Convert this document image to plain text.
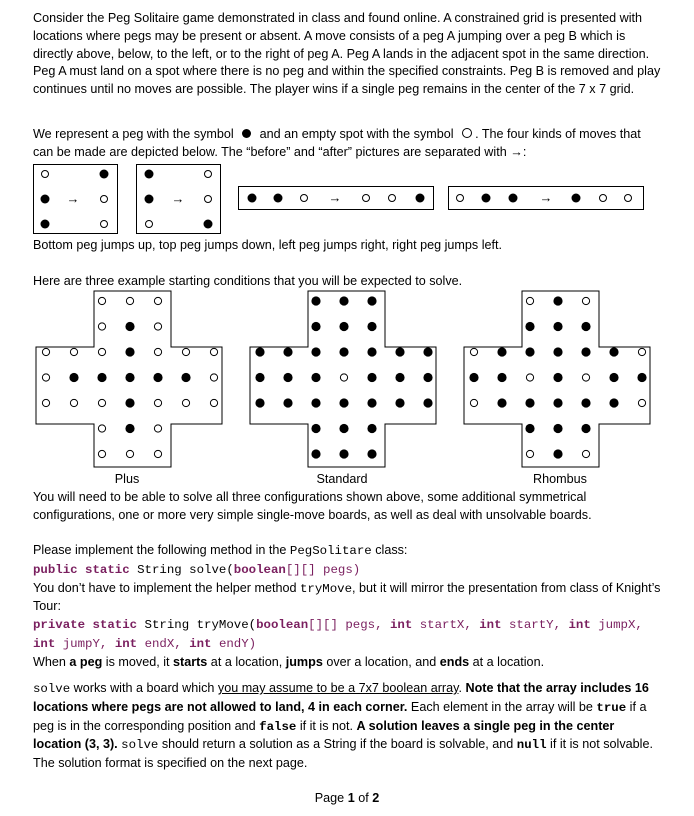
Consider the Peg Solitaire game demonstrated in class and found online. A constrained grid is presented with locations where pegs may be present or absent. A move consists of a peg A jumping over a peg B which is directly above, below, to the left, or to the right of peg A. Peg A lands in the adjacent spot in the same direction. Peg A must land on a spot where there is no peg and within the specified constraints. Peg B is removed and play continues until no moves are possible. The player wins if a single peg remains in the center of the 7 x 7 grid.

We represent a peg with the symbol and an empty spot with the symbol . The four kinds of moves that can be made are depicted below. The “before” and “after” pictures are separated with →:

→	→	→	→

Bottom peg jumps up, top peg jumps down, left peg jumps right, right peg jumps left.

Here are three example starting conditions that you will be expected to solve.

Plus	Standard	Rhombus

You will need to be able to solve all three configurations shown above, some additional symmetrical configurations, one or more very simple single-move boards, as well as deal with unsolvable boards.

Please implement the following method in the PegSolitare class:
public static String solve(boolean[][] pegs)
You don’t have to implement the helper method tryMove, but it will mirror the presentation from class of Knight’s Tour:
private static String tryMove(boolean[][] pegs, int startX, int startY, int jumpX,
int jumpY, int endX, int endY)
When a peg is moved, it starts at a location, jumps over a location, and ends at a location.

solve works with a board which you may assume to be a 7x7 boolean array. Note that the array includes 16 locations where pegs are not allowed to land, 4 in each corner. Each element in the array will be true if a peg is in the corresponding position and false if it is not. A solution leaves a single peg in the center location (3, 3). solve should return a solution as a String if the board is solvable, and null if it is not solvable. The solution format is specified on the next page.

Page 1 of 2
